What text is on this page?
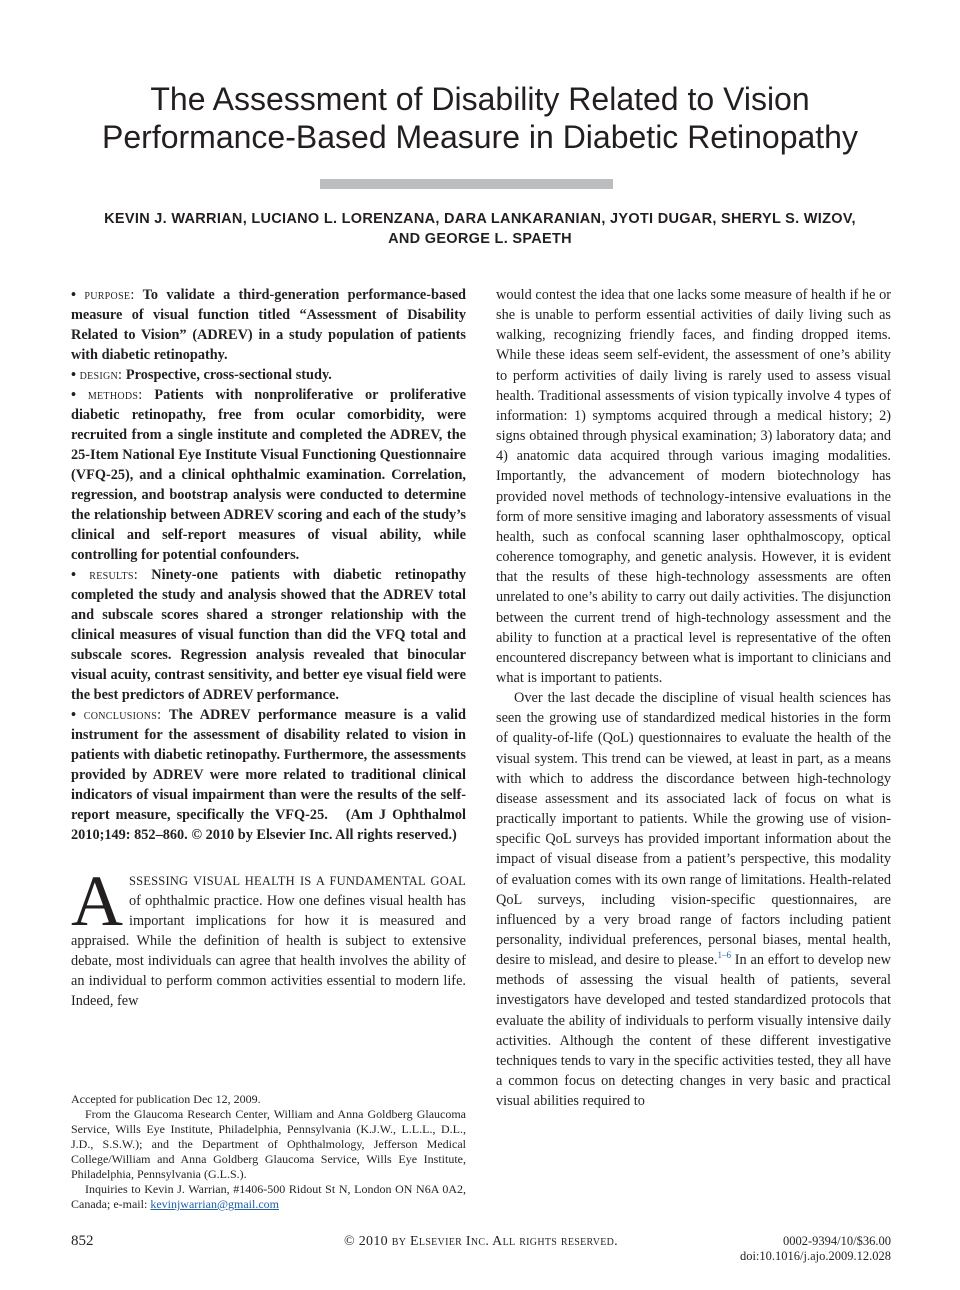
The Assessment of Disability Related to Vision
Performance-Based Measure in Diabetic Retinopathy
KEVIN J. WARRIAN, LUCIANO L. LORENZANA, DARA LANKARANIAN, JYOTI DUGAR, SHERYL S. WIZOV,
AND GEORGE L. SPAETH

• purpose: To validate a third-generation performance-based measure of visual function titled “Assessment of Disability Related to Vision” (ADREV) in a study population of patients with diabetic retinopathy.

• design: Prospective, cross-sectional study.

• methods: Patients with nonproliferative or proliferative diabetic retinopathy, free from ocular comorbidity, were recruited from a single institute and completed the ADREV, the 25-Item National Eye Institute Visual Functioning Questionnaire (VFQ-25), and a clinical ophthalmic examination. Correlation, regression, and bootstrap analysis were conducted to determine the relationship between ADREV scoring and each of the study’s clinical and self-report measures of visual ability, while controlling for potential confounders.

• results: Ninety-one patients with diabetic retinopathy completed the study and analysis showed that the ADREV total and subscale scores shared a stronger relationship with the clinical measures of visual function than did the VFQ total and subscale scores. Regression analysis revealed that binocular visual acuity, contrast sensitivity, and better eye visual field were the best predictors of ADREV performance.

• conclusions: The ADREV performance measure is a valid instrument for the assessment of disability related to vision in patients with diabetic retinopathy. Furthermore, the assessments provided by ADREV were more related to traditional clinical indicators of visual impairment than were the results of the self-report measure, specifically the VFQ-25. (Am J Ophthalmol 2010;149: 852–860. © 2010 by Elsevier Inc. All rights reserved.)

A SSESSING VISUAL HEALTH IS A FUNDAMENTAL GOAL of ophthalmic practice. How one defines visual health has important implications for how it is measured and appraised. While the definition of health is subject to extensive debate, most individuals can agree that health involves the ability of an individual to perform common activities essential to modern life. Indeed, few

would contest the idea that one lacks some measure of health if he or she is unable to perform essential activities of daily living such as walking, recognizing friendly faces, and finding dropped items. While these ideas seem self-evident, the assessment of one’s ability to perform activities of daily living is rarely used to assess visual health. Traditional assessments of vision typically involve 4 types of information: 1) symptoms acquired through a medical history; 2) signs obtained through physical examination; 3) laboratory data; and 4) anatomic data acquired through various imaging modalities. Importantly, the advancement of modern biotechnology has provided novel methods of technology-intensive evaluations in the form of more sensitive imaging and laboratory assessments of visual health, such as confocal scanning laser ophthalmoscopy, optical coherence tomography, and genetic analysis. However, it is evident that the results of these high-technology assessments are often unrelated to one’s ability to carry out daily activities. The disjunction between the current trend of high-technology assessment and the ability to function at a practical level is representative of the often encountered discrepancy between what is important to clinicians and what is important to patients.

Over the last decade the discipline of visual health sciences has seen the growing use of standardized medical histories in the form of quality-of-life (QoL) questionnaires to evaluate the health of the visual system. This trend can be viewed, at least in part, as a means with which to address the discordance between high-technology disease assessment and its associated lack of focus on what is practically important to patients. While the growing use of vision-specific QoL surveys has provided important information about the impact of visual disease from a patient’s perspective, this modality of evaluation comes with its own range of limitations. Health-related QoL surveys, including vision-specific questionnaires, are influenced by a very broad range of factors including patient personality, individual preferences, personal biases, mental health, desire to mislead, and desire to please.$^{1-6}$ In an effort to develop new methods of assessing the visual health of patients, several investigators have developed and tested standardized protocols that evaluate the ability of individuals to perform visually intensive daily activities. Although the content of these different investigative techniques tends to vary in the specific activities tested, they all have a common focus on detecting changes in very basic and practical visual abilities required to

Accepted for publication Dec 12, 2009.

From the Glaucoma Research Center, William and Anna Goldberg Glaucoma Service, Wills Eye Institute, Philadelphia, Pennsylvania (K.J.W., L.L.L., D.L., J.D., S.S.W.); and the Department of Ophthalmology, Jefferson Medical College/William and Anna Goldberg Glaucoma Service, Wills Eye Institute, Philadelphia, Pennsylvania (G.L.S.).

Inquiries to Kevin J. Warrian, #1406-500 Ridout St N, London ON N6A 0A2, Canada; e-mail: kevinjwarrian@gmail.com

852	© 2010 by Elsevier Inc. All rights reserved.	0002-9394/10/$36.00
doi:10.1016/j.ajo.2009.12.028
